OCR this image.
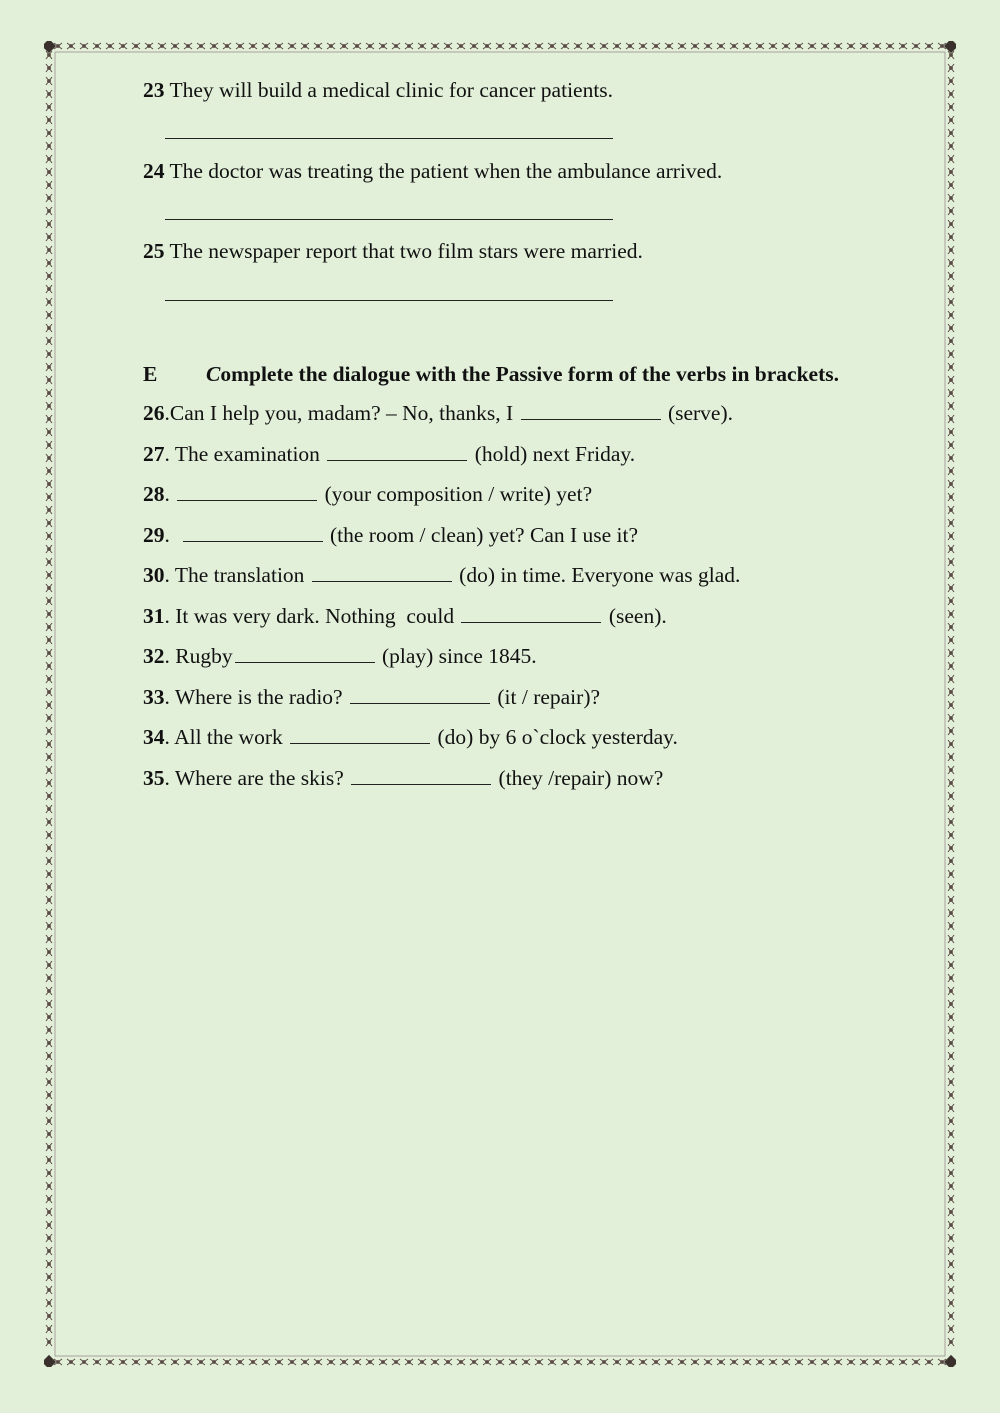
23 They will build a medical clinic for cancer patients.
24 The doctor was treating the patient when the ambulance arrived.
25 The newspaper report that two film stars were married.
E Complete the dialogue with the Passive form of the verbs in brackets.
26.Can I help you, madam? – No, thanks, I	(serve).
27. The examination	(hold) next Friday.
28.	(your composition / write) yet?
29.	(the room / clean) yet? Can I use it?
30. The translation	(do) in time. Everyone was glad.
31. It was very dark. Nothing  could	(seen).
32. Rugby	(play) since 1845.
33. Where is the radio?	(it / repair)?
34. All the work	(do) by 6 o`clock yesterday.
35. Where are the skis?	(they /repair) now?
